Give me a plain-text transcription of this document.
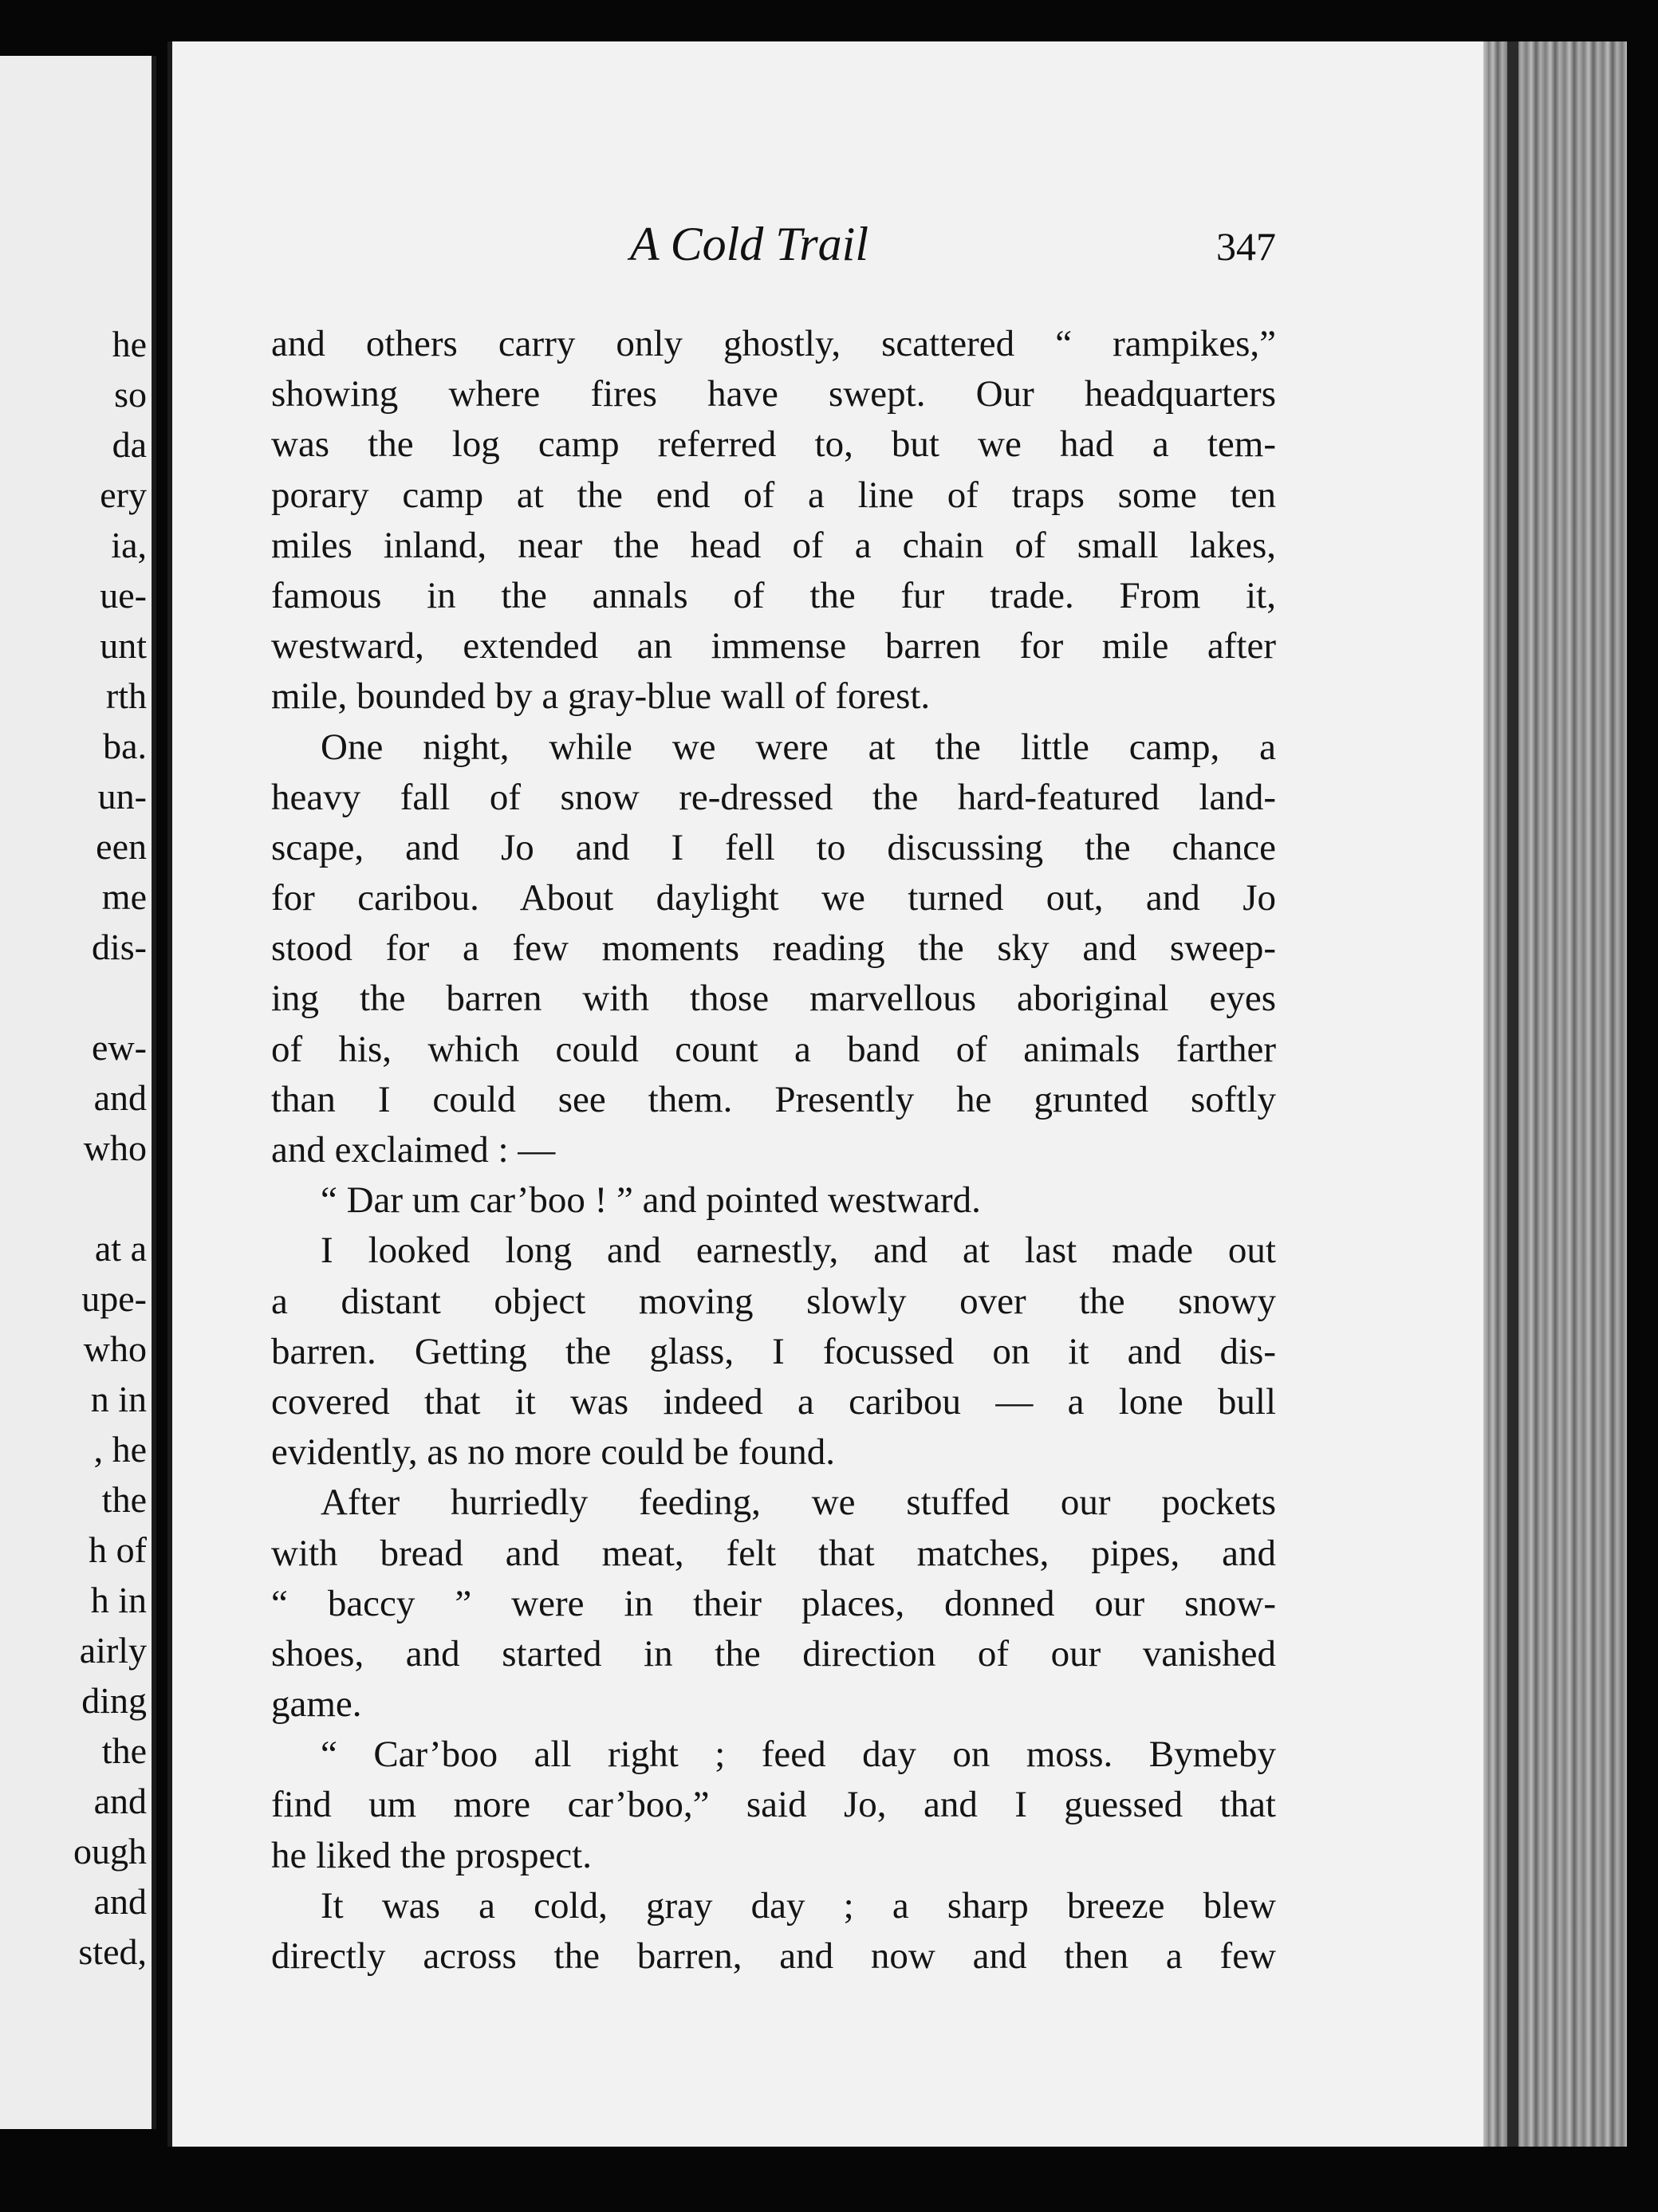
he
so
da
ery
ia,
ue-
unt
rth
ba.
un-
een
me
dis-
ew-
and
who
at a
upe-
who
n in
, he
the
h of
h in
airly
ding
the
and
ough
and
sted,
A Cold Trail	347
and others carry only ghostly, scattered “ rampikes,”
showing where fires have swept. Our headquarters
was the log camp referred to, but we had a tem-
porary camp at the end of a line of traps some ten
miles inland, near the head of a chain of small lakes,
famous in the annals of the fur trade. From it,
westward, extended an immense barren for mile after
mile, bounded by a gray-blue wall of forest.
One night, while we were at the little camp, a
heavy fall of snow re-dressed the hard-featured land-
scape, and Jo and I fell to discussing the chance
for caribou. About daylight we turned out, and Jo
stood for a few moments reading the sky and sweep-
ing the barren with those marvellous aboriginal eyes
of his, which could count a band of animals farther
than I could see them. Presently he grunted softly
and exclaimed : —
“ Dar um car’boo ! ” and pointed westward.
I looked long and earnestly, and at last made out
a distant object moving slowly over the snowy
barren. Getting the glass, I focussed on it and dis-
covered that it was indeed a caribou — a lone bull
evidently, as no more could be found.
After hurriedly feeding, we stuffed our pockets
with bread and meat, felt that matches, pipes, and
“ baccy ” were in their places, donned our snow-
shoes, and started in the direction of our vanished
game.
“ Car’boo all right ; feed day on moss. Bymeby
find um more car’boo,” said Jo, and I guessed that
he liked the prospect.
It was a cold, gray day ; a sharp breeze blew
directly across the barren, and now and then a few
